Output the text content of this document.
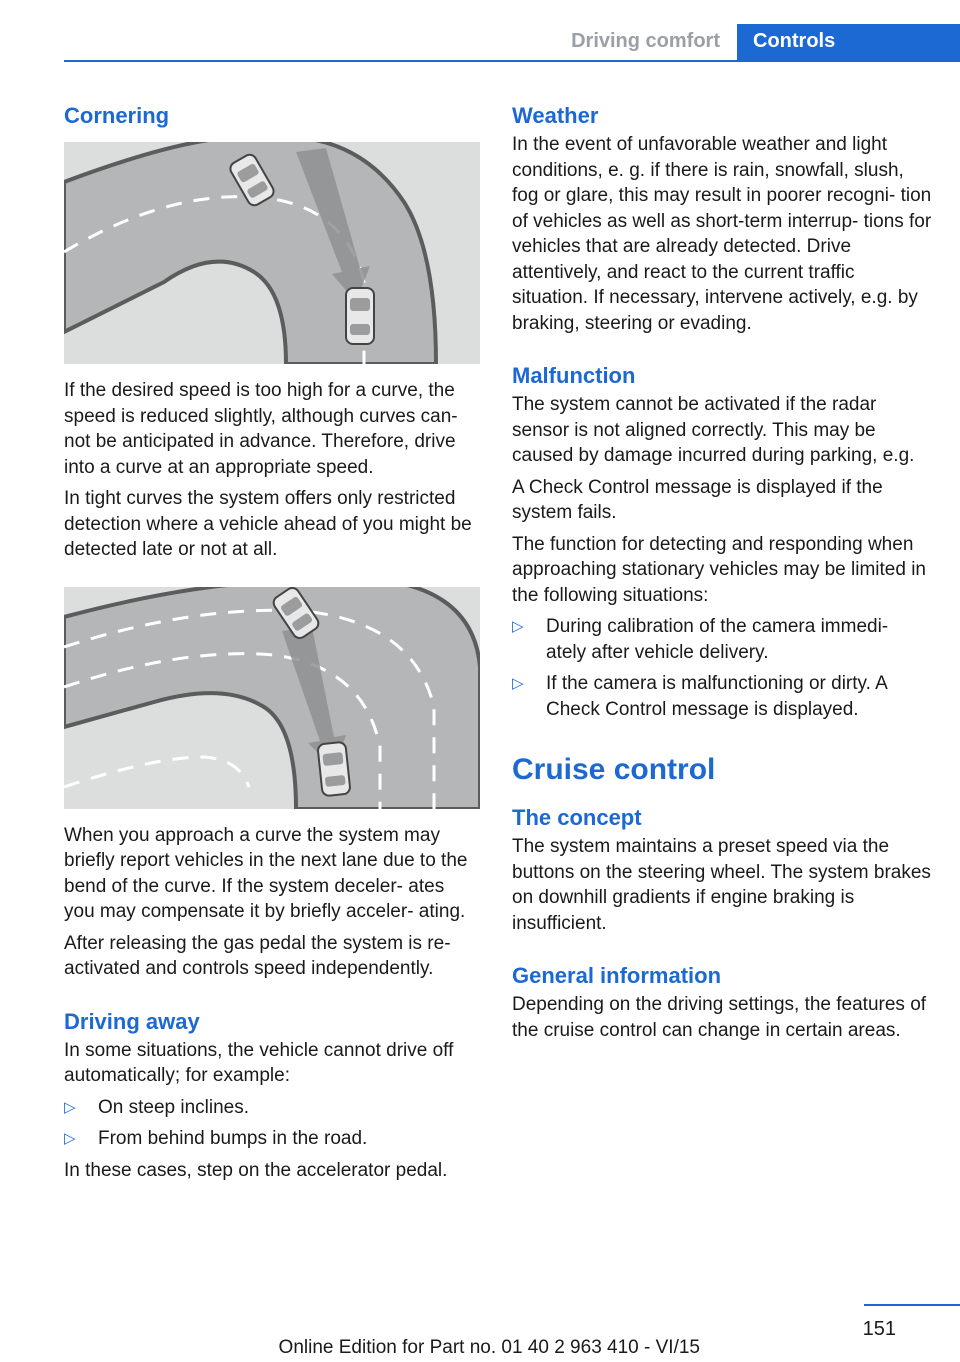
Driving comfort	Controls
Cornering

If the desired speed is too high for a curve, the speed is reduced slightly, although curves can- not be anticipated in advance. Therefore, drive into a curve at an appropriate speed.

In tight curves the system offers only restricted detection where a vehicle ahead of you might be detected late or not at all.

When you approach a curve the system may briefly report vehicles in the next lane due to the bend of the curve. If the system deceler- ates you may compensate it by briefly acceler- ating.

After releasing the gas pedal the system is re- activated and controls speed independently.

Driving away

In some situations, the vehicle cannot drive off automatically; for example:

▷ On steep inclines.
▷ From behind bumps in the road.

In these cases, step on the accelerator pedal.

Weather

In the event of unfavorable weather and light conditions, e. g. if there is rain, snowfall, slush, fog or glare, this may result in poorer recogni- tion of vehicles as well as short-term interrup- tions for vehicles that are already detected. Drive attentively, and react to the current traffic situation. If necessary, intervene actively, e.g. by braking, steering or evading.

Malfunction

The system cannot be activated if the radar sensor is not aligned correctly. This may be caused by damage incurred during parking, e.g.

A Check Control message is displayed if the system fails.

The function for detecting and responding when approaching stationary vehicles may be limited in the following situations:

▷ During calibration of the camera immedi- ately after vehicle delivery.
▷ If the camera is malfunctioning or dirty. A Check Control message is displayed.
Cruise control
The concept

The system maintains a preset speed via the buttons on the steering wheel. The system brakes on downhill gradients if engine braking is insufficient.

General information

Depending on the driving settings, the features of the cruise control can change in certain areas.

151
Online Edition for Part no. 01 40 2 963 410 - VI/15
